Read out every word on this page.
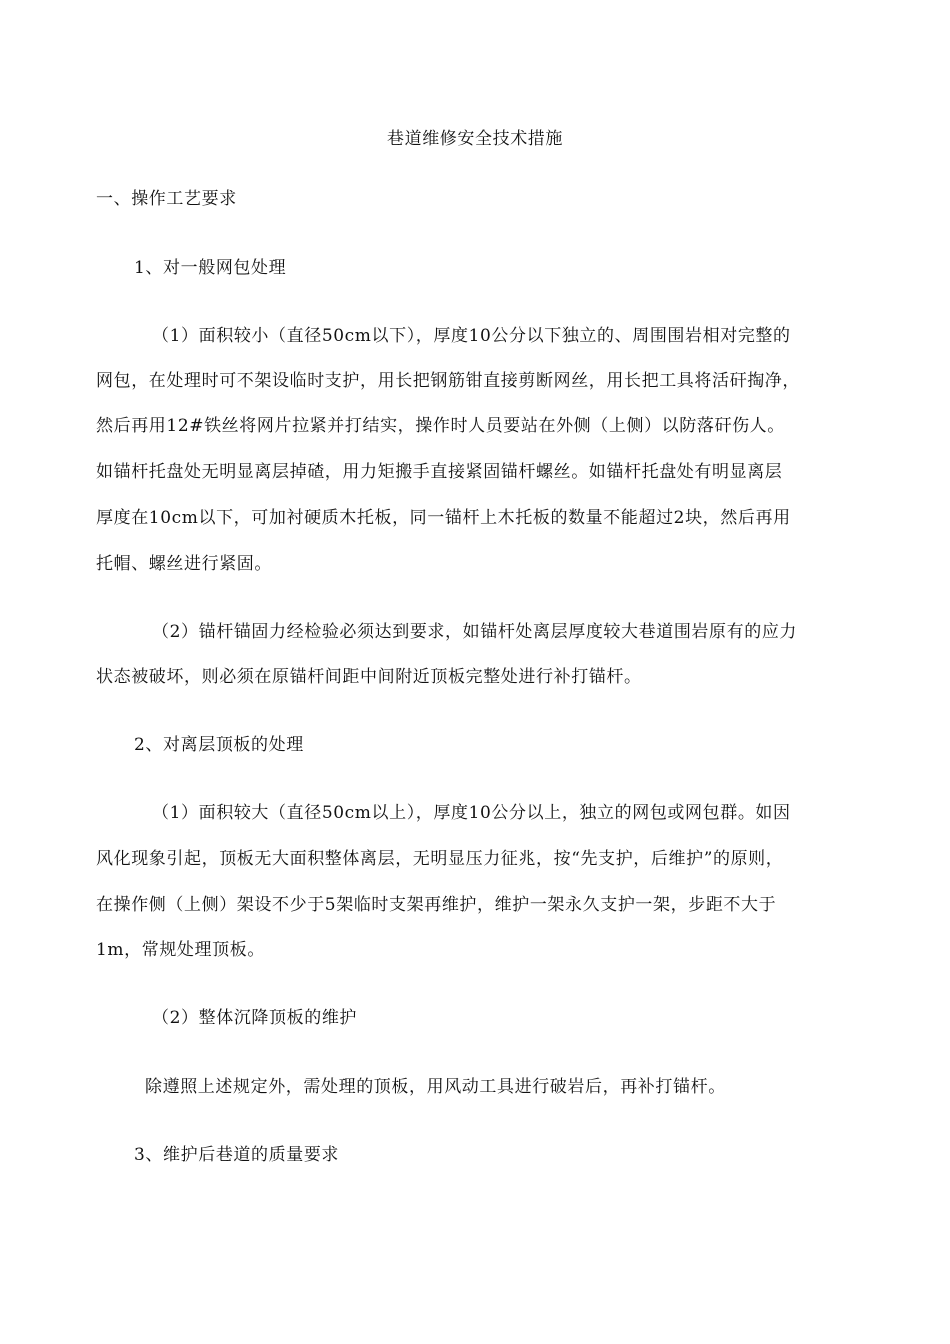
巷道维修安全技术措施
一、操作工艺要求
1、对一般网包处理
（1）面积较小（直径50cm以下），厚度10公分以下独立的、周围围岩相对完整的
网包，在处理时可不架设临时支护，用长把钢筋钳直接剪断网丝，用长把工具将活矸掏净，
然后再用12#铁丝将网片拉紧并打结实，操作时人员要站在外侧（上侧）以防落矸伤人。
如锚杆托盘处无明显离层掉碴，用力矩搬手直接紧固锚杆螺丝。如锚杆托盘处有明显离层
厚度在10cm以下，可加衬硬质木托板，同一锚杆上木托板的数量不能超过2块，然后再用
托帽、螺丝进行紧固。
（2）锚杆锚固力经检验必须达到要求，如锚杆处离层厚度较大巷道围岩原有的应力
状态被破坏，则必须在原锚杆间距中间附近顶板完整处进行补打锚杆。
2、对离层顶板的处理
（1）面积较大（直径50cm以上），厚度10公分以上，独立的网包或网包群。如因
风化现象引起，顶板无大面积整体离层，无明显压力征兆，按“先支护，后维护”的原则，
在操作侧（上侧）架设不少于5架临时支架再维护，维护一架永久支护一架，步距不大于
1m，常规处理顶板。
（2）整体沉降顶板的维护
除遵照上述规定外，需处理的顶板，用风动工具进行破岩后，再补打锚杆。
3、维护后巷道的质量要求
